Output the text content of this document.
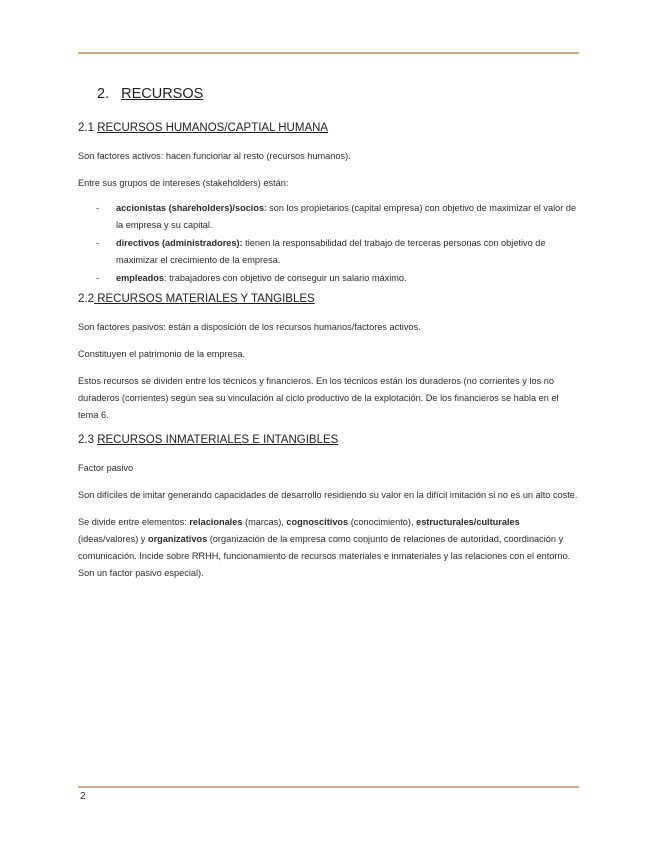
2. RECURSOS
2.1 RECURSOS HUMANOS/CAPTIAL HUMANA

Son factores activos: hacen funcionar al resto (recursos humanos).

Entre sus grupos de intereses (stakeholders) están:

- accionistas (shareholders)/socios: son los propietarios (capital empresa) con objetivo de maximizar el valor de la empresa y su capital.
- directivos (administradores): tienen la responsabilidad del trabajo de terceras personas con objetivo de maximizar el crecimiento de la empresa.
- empleados: trabajadores con objetivo de conseguir un salario máximo.
2.2 RECURSOS MATERIALES Y TANGIBLES

Son factores pasivos: están a disposición de los recursos humanos/factores activos.

Constituyen el patrimonio de la empresa.

Estos recursos se dividen entre los técnicos y financieros. En los técnicos están los duraderos (no corrientes y los no duraderos (corrientes) según sea su vinculación al ciclo productivo de la explotación. De los financieros se habla en el tema 6.

2.3 RECURSOS INMATERIALES E INTANGIBLES

Factor pasivo

Son difíciles de imitar generando capacidades de desarrollo residiendo su valor en la difícil imitación si no es un alto coste.

Se divide entre elementos: relacionales (marcas), cognoscitivos (conocimiento), estructurales/culturales (ideas/valores) y organizativos (organización de la empresa como conjunto de relaciones de autoridad, coordinación y comunicación. Incide sobre RRHH, funcionamiento de recursos materiales e inmateriales y las relaciones con el entorno. Son un factor pasivo especial).

2
